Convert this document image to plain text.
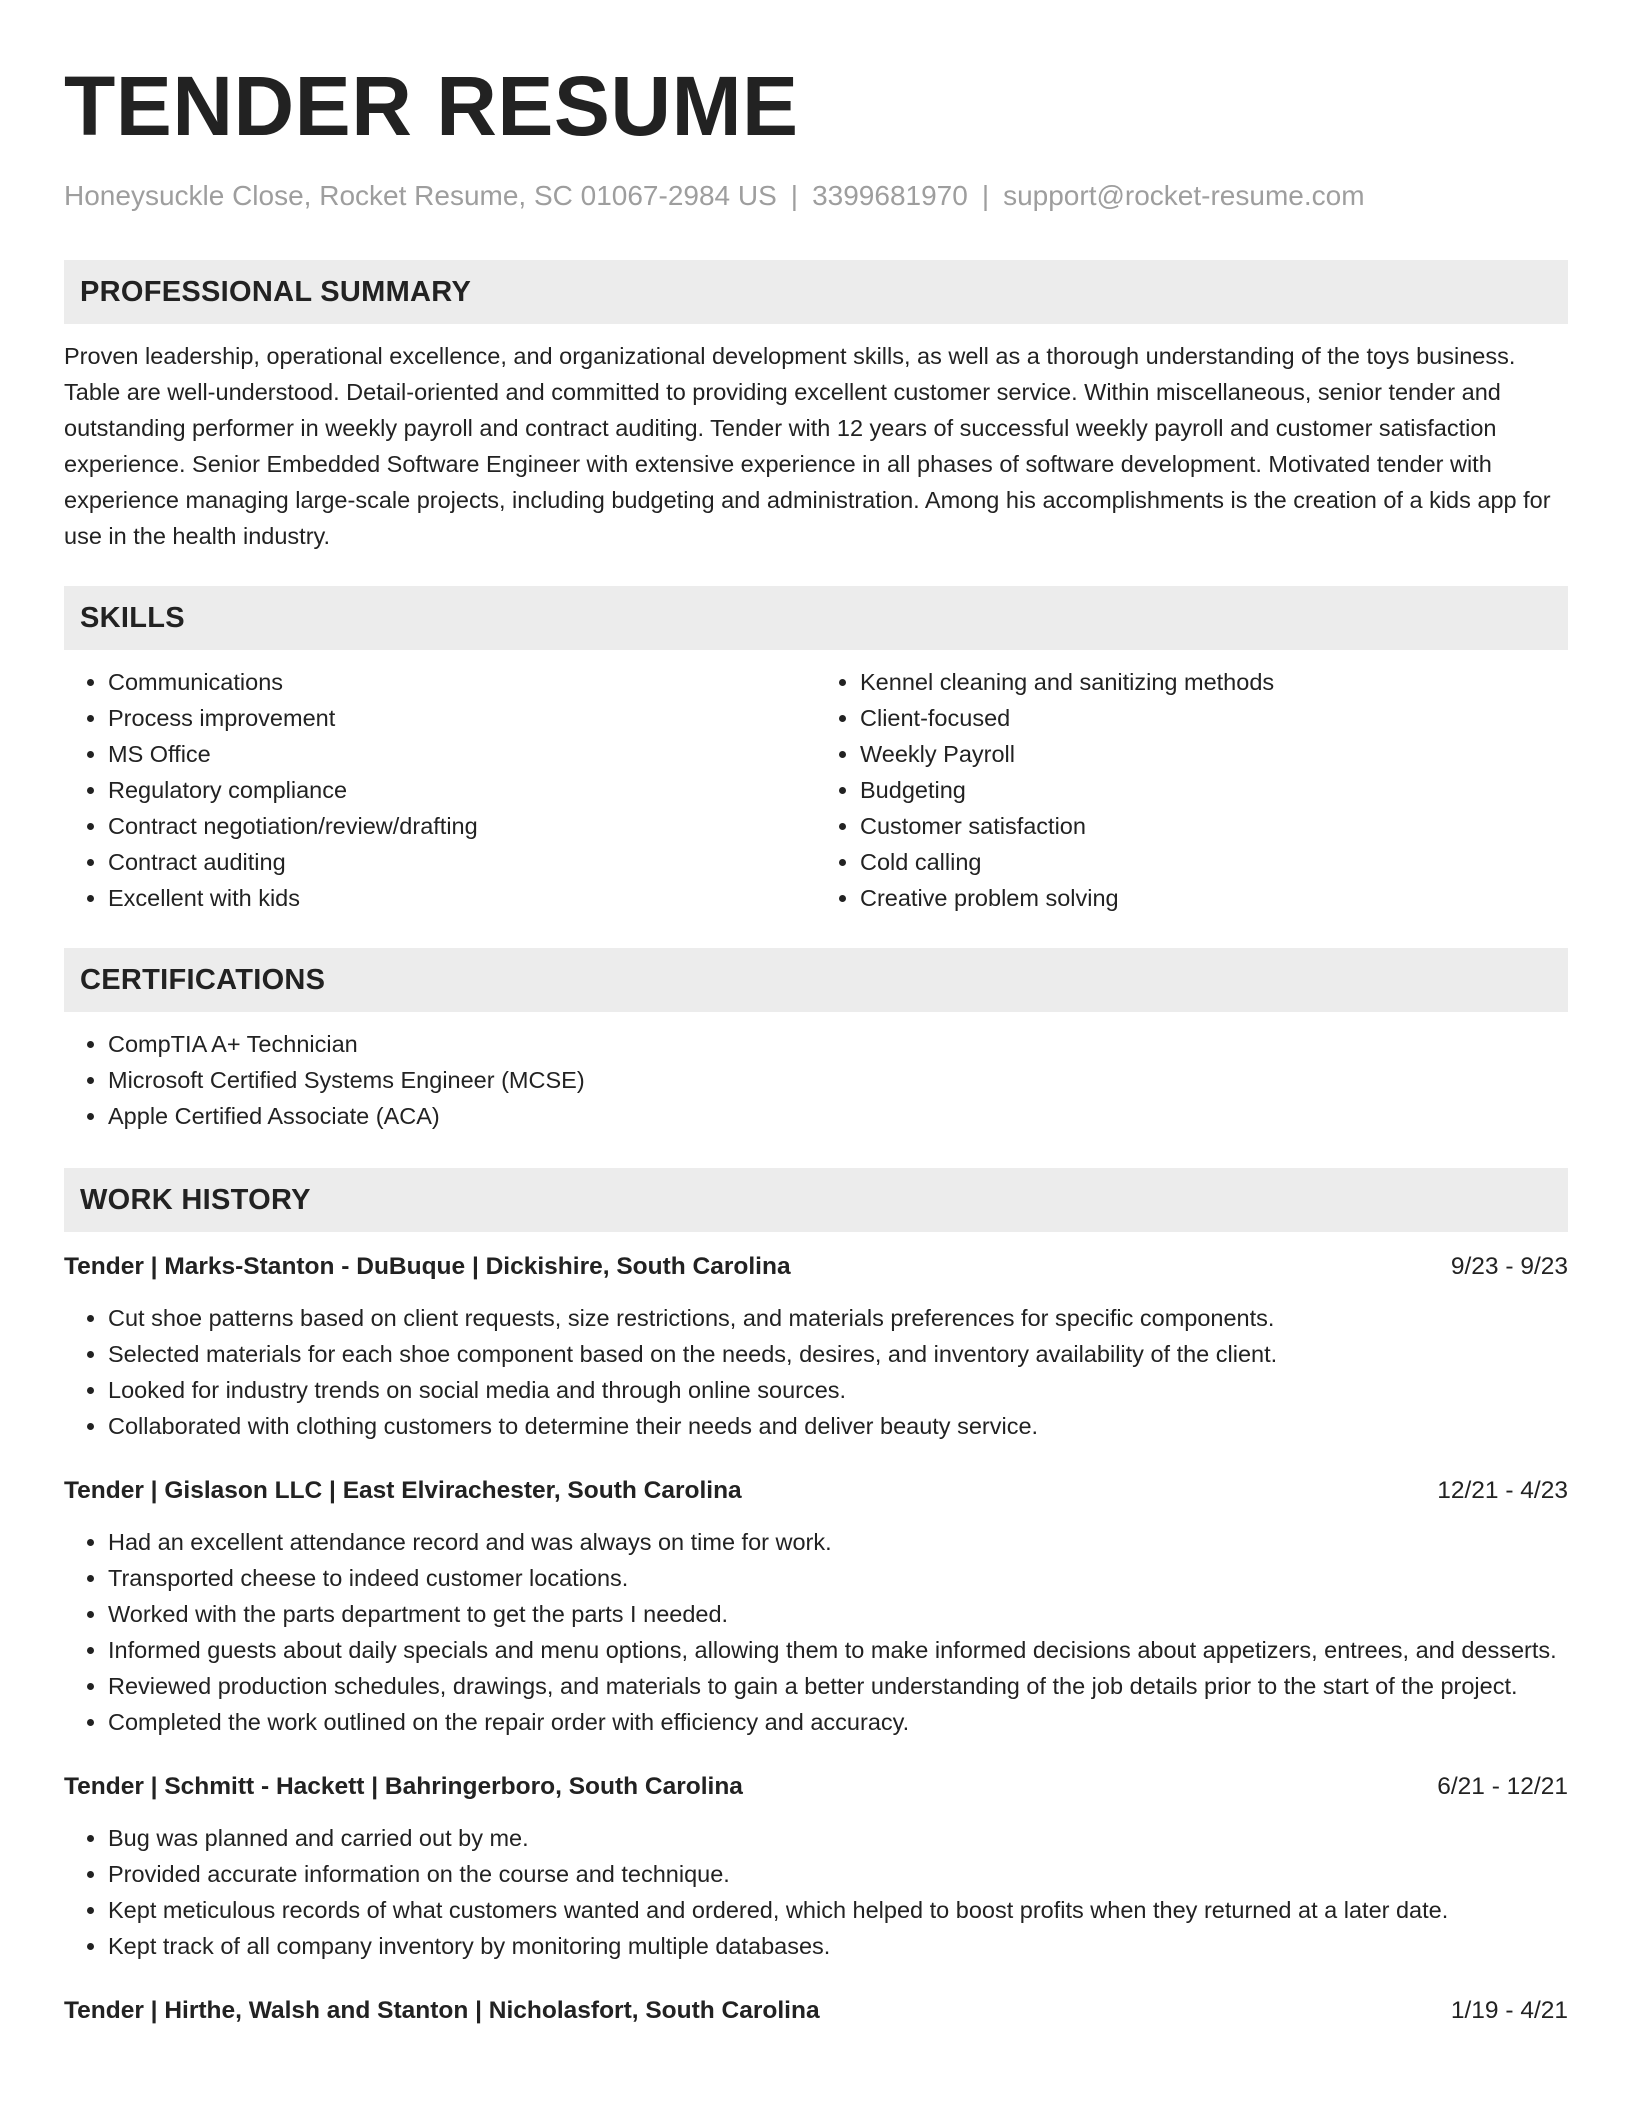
TENDER RESUME
Honeysuckle Close, Rocket Resume, SC 01067-2984 US | 3399681970 | support@rocket-resume.com
PROFESSIONAL SUMMARY
Proven leadership, operational excellence, and organizational development skills, as well as a thorough understanding of the toys business. Table are well-understood. Detail-oriented and committed to providing excellent customer service. Within miscellaneous, senior tender and outstanding performer in weekly payroll and contract auditing. Tender with 12 years of successful weekly payroll and customer satisfaction experience. Senior Embedded Software Engineer with extensive experience in all phases of software development. Motivated tender with experience managing large-scale projects, including budgeting and administration. Among his accomplishments is the creation of a kids app for use in the health industry.
SKILLS
• Communications
• Process improvement
• MS Office
• Regulatory compliance
• Contract negotiation/review/drafting
• Contract auditing
• Excellent with kids
• Kennel cleaning and sanitizing methods
• Client-focused
• Weekly Payroll
• Budgeting
• Customer satisfaction
• Cold calling
• Creative problem solving
CERTIFICATIONS
• CompTIA A+ Technician
• Microsoft Certified Systems Engineer (MCSE)
• Apple Certified Associate (ACA)
WORK HISTORY
Tender | Marks-Stanton - DuBuque | Dickishire, South Carolina	9/23 - 9/23
• Cut shoe patterns based on client requests, size restrictions, and materials preferences for specific components.
• Selected materials for each shoe component based on the needs, desires, and inventory availability of the client.
• Looked for industry trends on social media and through online sources.
• Collaborated with clothing customers to determine their needs and deliver beauty service.
Tender | Gislason LLC | East Elvirachester, South Carolina	12/21 - 4/23
• Had an excellent attendance record and was always on time for work.
• Transported cheese to indeed customer locations.
• Worked with the parts department to get the parts I needed.
• Informed guests about daily specials and menu options, allowing them to make informed decisions about appetizers, entrees, and desserts.
• Reviewed production schedules, drawings, and materials to gain a better understanding of the job details prior to the start of the project.
• Completed the work outlined on the repair order with efficiency and accuracy.
Tender | Schmitt - Hackett | Bahringerboro, South Carolina	6/21 - 12/21
• Bug was planned and carried out by me.
• Provided accurate information on the course and technique.
• Kept meticulous records of what customers wanted and ordered, which helped to boost profits when they returned at a later date.
• Kept track of all company inventory by monitoring multiple databases.
Tender | Hirthe, Walsh and Stanton | Nicholasfort, South Carolina	1/19 - 4/21
